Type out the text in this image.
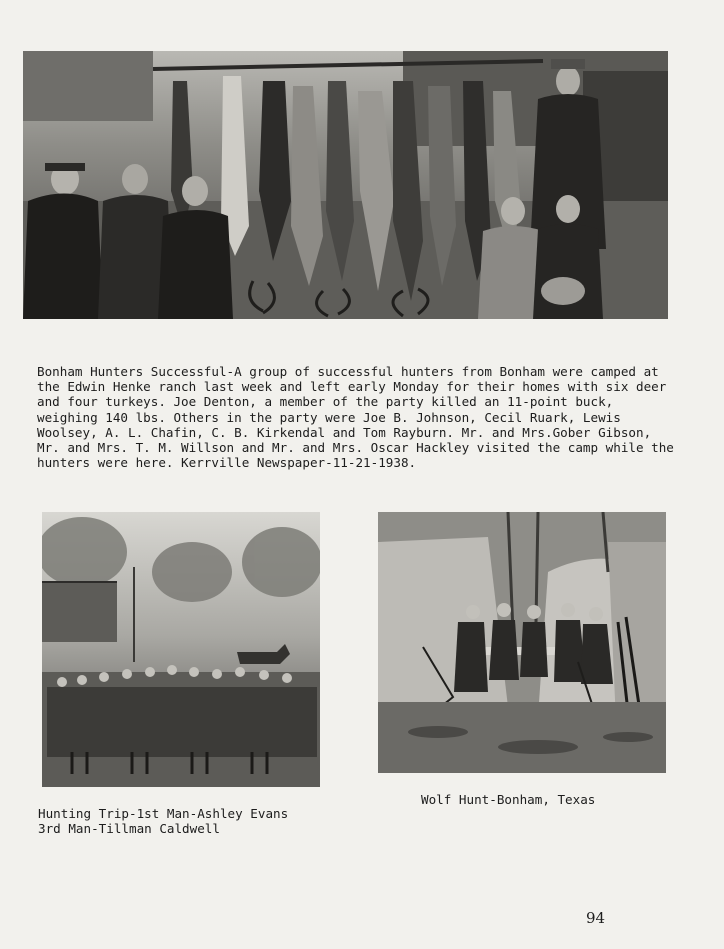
Bonham Hunters Successful-A group of successful hunters from Bonham were camped at the Edwin Henke ranch last week and left early Monday for their homes with six deer and four turkeys. Joe Denton, a member of the party killed an 11-point buck, weighing 140 lbs. Others in the party were Joe B. Johnson, Cecil Ruark, Lewis Woolsey, A. L. Chafin, C. B. Kirkendal and Tom Rayburn. Mr. and Mrs.Gober Gibson, Mr. and Mrs. T. M. Willson and Mr. and Mrs. Oscar Hackley visited the camp while the hunters were here. Kerrville Newspaper-11-21-1938.

Hunting Trip-1st Man-Ashley Evans
3rd Man-Tillman Caldwell

Wolf Hunt-Bonham, Texas

94
